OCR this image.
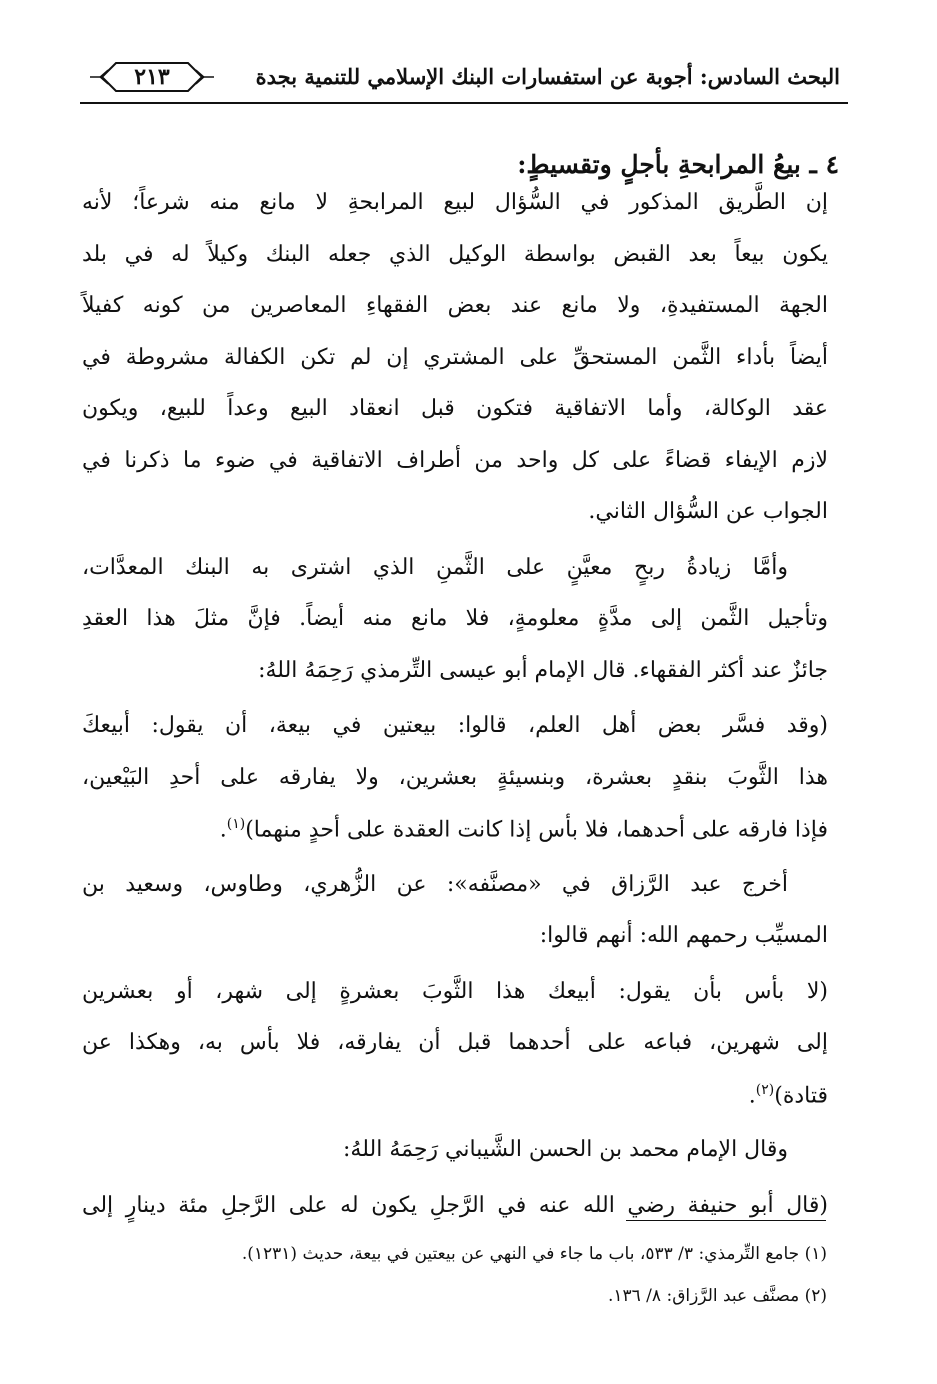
٢١٣	البحث السادس: أجوبة عن استفسارات البنك الإسلامي للتنمية بجدة
٤ ـ بيعُ المرابحةِ بأجلٍ وتقسيطٍ:
إن الطَّريق المذكور في السُّؤال لبيع المرابحةِ لا مانع منه شرعاً؛ لأنه
يكون بيعاً بعد القبض بواسطة الوكيل الذي جعله البنك وكيلاً له في بلد
الجهة المستفيدةِ، ولا مانع عند بعض الفقهاءِ المعاصرين من كونه كفيلاً
أيضاً بأداء الثَّمن المستحقِّ على المشتري إن لم تكن الكفالة مشروطة في
عقد الوكالة، وأما الاتفاقية فتكون قبل انعقاد البيع وعداً للبيع، ويكون
لازم الإيفاء قضاءً على كل واحد من أطراف الاتفاقية في ضوء ما ذكرنا في
الجواب عن السُّؤال الثاني.
وأمَّا زيادةُ ربحٍ معيَّنٍ على الثَّمنِ الذي اشترى به البنك المعدَّات،
وتأجيل الثَّمن إلى مدَّةٍ معلومةٍ، فلا مانع منه أيضاً. فإنَّ مثلَ هذا العقدِ
جائزٌ عند أكثر الفقهاء. قال الإمام أبو عيسى التِّرمذي رَحِمَهُ اللهُ:
(وقد فسَّر بعض أهل العلم، قالوا: بيعتين في بيعة، أن يقول: أبيعكَ
هذا الثَّوبَ بنقدٍ بعشرة، وبنسيئةٍ بعشرين، ولا يفارقه على أحدِ البَيْعين،
فإذا فارقه على أحدهما، فلا بأس إذا كانت العقدة على أحدٍ منهما)$^{(١)}$.
أخرج عبد الرَّزاق في «مصنَّفه»: عن الزُّهري، وطاوس، وسعيد بن
المسيِّب رحمهم الله: أنهم قالوا:
(لا بأس بأن يقول: أبيعك هذا الثَّوبَ بعشرةٍ إلى شهر، أو بعشرين
إلى شهرين، فباعه على أحدهما قبل أن يفارقه، فلا بأس به، وهكذا عن
قتادة)$^{(٢)}$.
وقال الإمام محمد بن الحسن الشَّيباني رَحِمَهُ اللهُ:
(قال أبو حنيفة رضي الله عنه في الرَّجلِ يكون له على الرَّجلِ مئة دينارٍ إلى
(١) جامع التِّرمذي: ٣/ ٥٣٣، باب ما جاء في النهي عن بيعتين في بيعة، حديث (١٢٣١).
(٢) مصنَّف عبد الرَّزاق: ٨/ ١٣٦.
